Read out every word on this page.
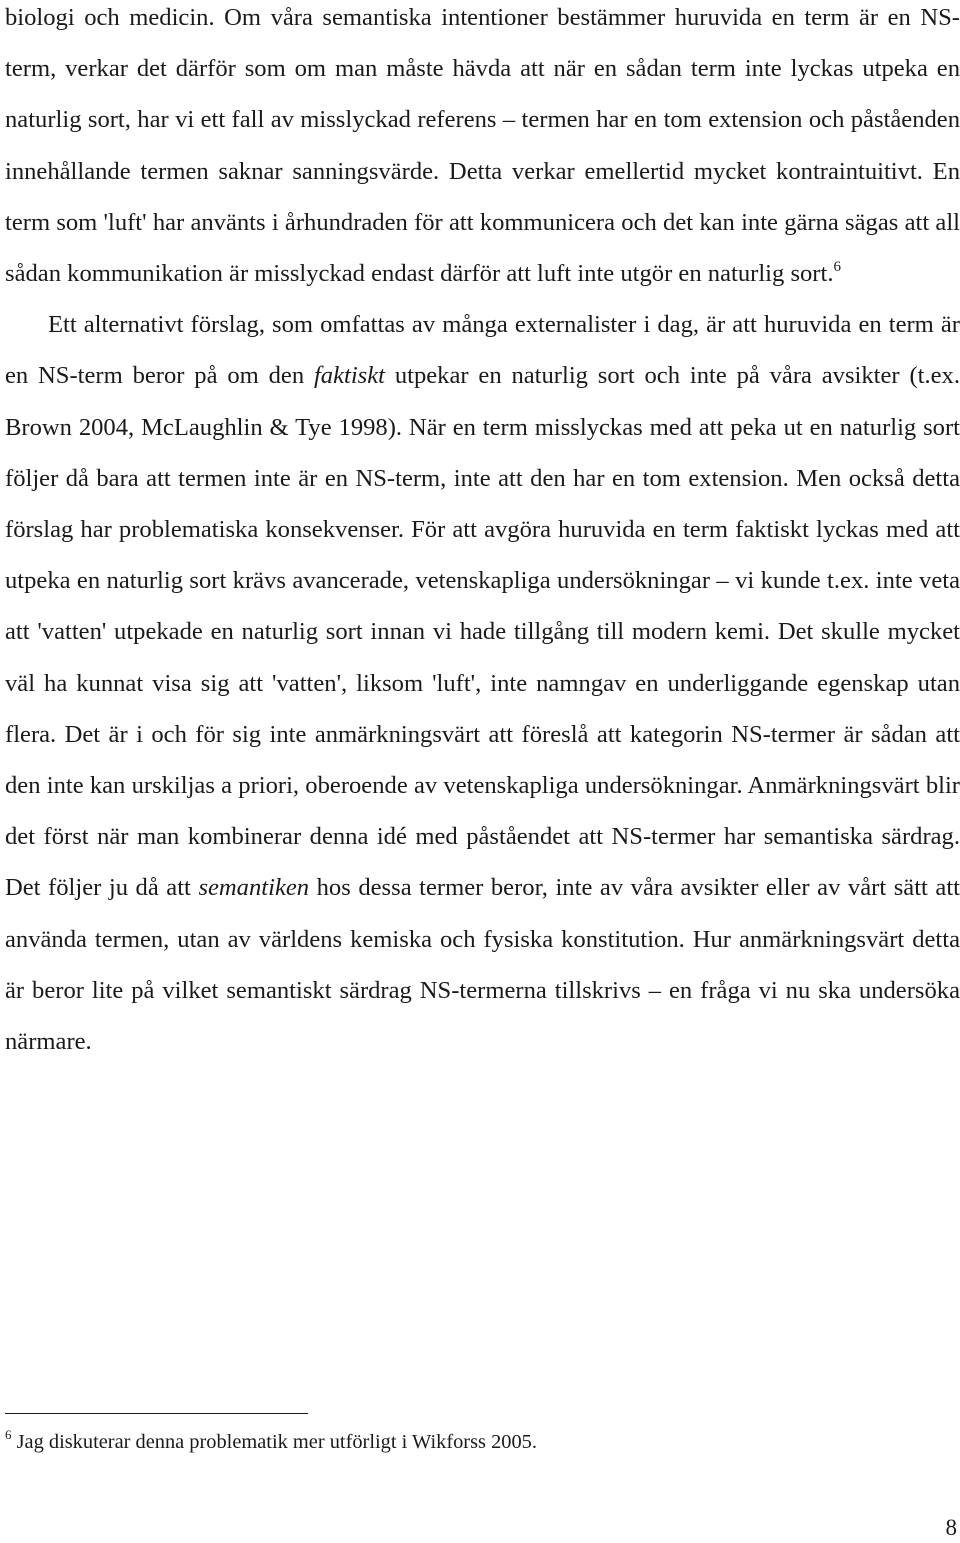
biologi och medicin. Om våra semantiska intentioner bestämmer huruvida en term är en NS-term, verkar det därför som om man måste hävda att när en sådan term inte lyckas utpeka en naturlig sort, har vi ett fall av misslyckad referens – termen har en tom extension och påståenden innehållande termen saknar sanningsvärde. Detta verkar emellertid mycket kontraintuitivt. En term som 'luft' har använts i århundraden för att kommunicera och det kan inte gärna sägas att all sådan kommunikation är misslyckad endast därför att luft inte utgör en naturlig sort.$^6$

Ett alternativt förslag, som omfattas av många externalister i dag, är att huruvida en term är en NS-term beror på om den faktiskt utpekar en naturlig sort och inte på våra avsikter (t.ex. Brown 2004, McLaughlin & Tye 1998). När en term misslyckas med att peka ut en naturlig sort följer då bara att termen inte är en NS-term, inte att den har en tom extension. Men också detta förslag har problematiska konsekvenser. För att avgöra huruvida en term faktiskt lyckas med att utpeka en naturlig sort krävs avancerade, vetenskapliga undersökningar – vi kunde t.ex. inte veta att 'vatten' utpekade en naturlig sort innan vi hade tillgång till modern kemi. Det skulle mycket väl ha kunnat visa sig att 'vatten', liksom 'luft', inte namngav en underliggande egenskap utan flera. Det är i och för sig inte anmärkningsvärt att föreslå att kategorin NS-termer är sådan att den inte kan urskiljas a priori, oberoende av vetenskapliga undersökningar. Anmärkningsvärt blir det först när man kombinerar denna idé med påståendet att NS-termer har semantiska särdrag. Det följer ju då att semantiken hos dessa termer beror, inte av våra avsikter eller av vårt sätt att använda termen, utan av världens kemiska och fysiska konstitution. Hur anmärkningsvärt detta är beror lite på vilket semantiskt särdrag NS-termerna tillskrivs – en fråga vi nu ska undersöka närmare.

$^6$ Jag diskuterar denna problematik mer utförligt i Wikforss 2005.

8
